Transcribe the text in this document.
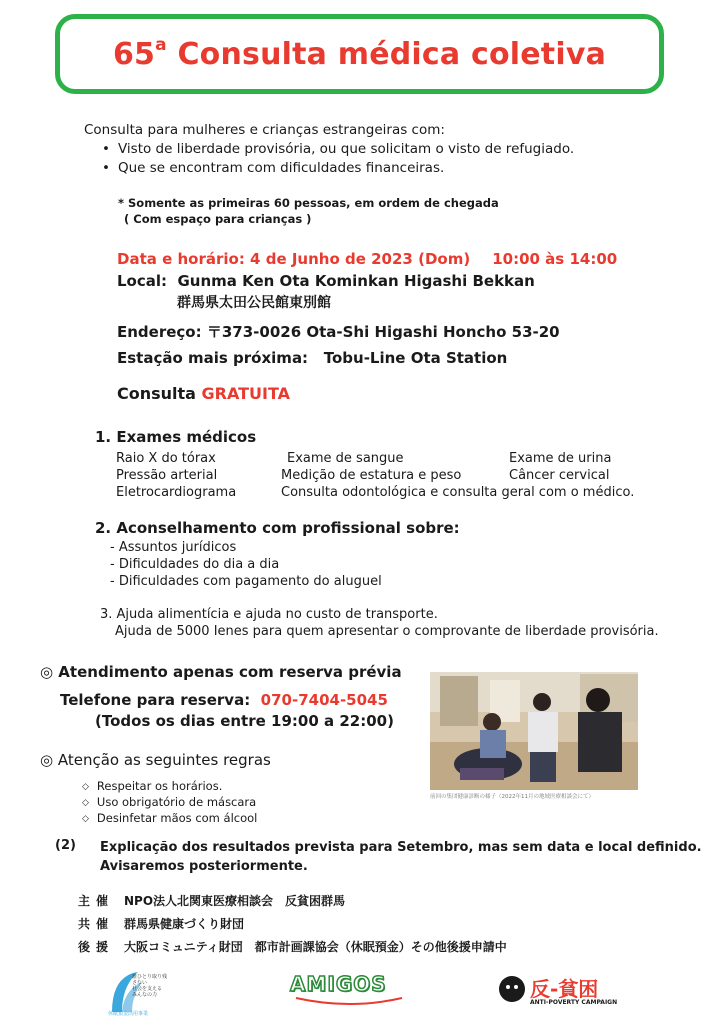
65$^a$ Consulta médica coletiva
Consulta para mulheres e crianças estrangeiras com:
• Visto de liberdade provisória, ou que solicitam o visto de refugiado.
• Que se encontram com dificuldades financeiras.
* Somente as primeiras 60 pessoas, em ordem de chegada
( Com espaço para crianças )
Data e horário: 4 de Junho de 2023 (Dom) 10:00 às 14:00
Local: Gunma Ken Ota Kominkan Higashi Bekkan
群馬県太田公民館東別館
Endereço: 〒373-0026 Ota-Shi Higashi Honcho 53-20
Estação mais próxima: Tobu-Line Ota Station
Consulta GRATUITA
1. Exames médicos
Raio X do tórax	Exame de sangue	Exame de urina
Pressão arterial	Medição de estatura e peso	Câncer cervical
Eletrocardiograma	Consulta odontológica e consulta geral com o médico.
2. Aconselhamento com profissional sobre:
- Assuntos jurídicos
- Dificuldades do dia a dia
- Dificuldades com pagamento do aluguel
3. Ajuda alimentícia e ajuda no custo de transporte.
Ajuda de 5000 Ienes para quem apresentar o comprovante de liberdade provisória.
◎ Atendimento apenas com reserva prévia
Telefone para reserva: 070-7404-5045
(Todos os dias entre 19:00 a 22:00)
前回の集団健康診断の様子（2022年11月の地域医療相談会にて）
◎ Atenção as seguintes regras
◇ Respeitar os horários.
◇ Uso obrigatório de máscara
◇ Desinfetar mãos com álcool
(2) Explicação dos resultados prevista para Setembro, mas sem data e local definido.
Avisaremos posteriormente.
主催 NPO法人北関東医療相談会　反貧困群馬
共催 群馬県健康づくり財団
後援 大阪コミュニティ財団　都市計画課協会（休眠預金）その他後援申請中
誰ひとり取り残さない
社会を支える
みんなの力
休眠預金活用事業
AMIGOS	反-貧困
ANTI-POVERTY CAMPAIGN
